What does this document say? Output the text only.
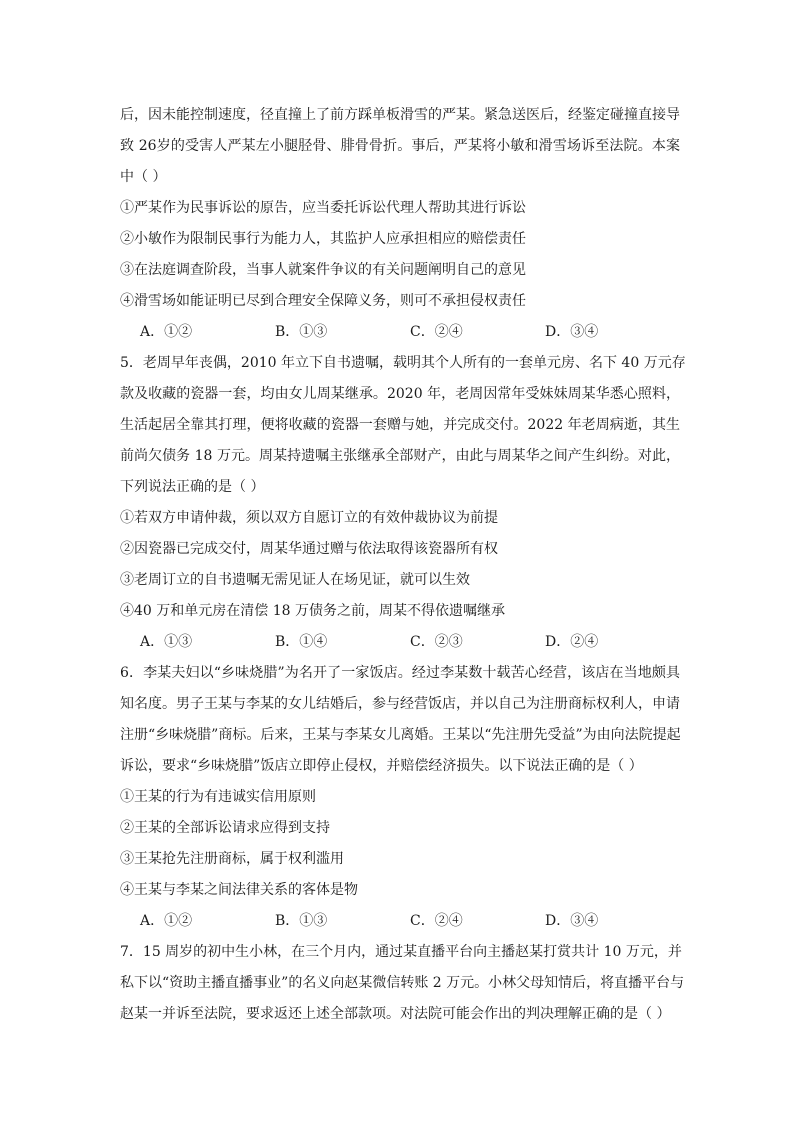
后，因未能控制速度，径直撞上了前方踩单板滑雪的严某。紧急送医后，经鉴定碰撞直接导
致 26岁的受害人严某左小腿胫骨、腓骨骨折。事后，严某将小敏和滑雪场诉至法院。本案
中（ ）
①严某作为民事诉讼的原告，应当委托诉讼代理人帮助其进行诉讼
②小敏作为限制民事行为能力人，其监护人应承担相应的赔偿责任
③在法庭调查阶段，当事人就案件争议的有关问题阐明自己的意见
④滑雪场如能证明已尽到合理安全保障义务，则可不承担侵权责任
A．①②	B．①③	C．②④	D．③④
5．老周早年丧偶，2010 年立下自书遗嘱，载明其个人所有的一套单元房、名下 40 万元存
款及收藏的瓷器一套，均由女儿周某继承。2020 年，老周因常年受妹妹周某华悉心照料，
生活起居全靠其打理，便将收藏的瓷器一套赠与她，并完成交付。2022 年老周病逝，其生
前尚欠债务 18 万元。周某持遗嘱主张继承全部财产，由此与周某华之间产生纠纷。对此，
下列说法正确的是（ ）
①若双方申请仲裁，须以双方自愿订立的有效仲裁协议为前提
②因瓷器已完成交付，周某华通过赠与依法取得该瓷器所有权
③老周订立的自书遗嘱无需见证人在场见证，就可以生效
④40 万和单元房在清偿 18 万债务之前，周某不得依遗嘱继承
A．①③	B．①④	C．②③	D．②④
6．李某夫妇以“乡味烧腊”为名开了一家饭店。经过李某数十载苦心经营，该店在当地颇具
知名度。男子王某与李某的女儿结婚后，参与经营饭店，并以自己为注册商标权利人，申请
注册“乡味烧腊”商标。后来，王某与李某女儿离婚。王某以“先注册先受益”为由向法院提起
诉讼，要求“乡味烧腊”饭店立即停止侵权，并赔偿经济损失。以下说法正确的是（ ）
①王某的行为有违诚实信用原则
②王某的全部诉讼请求应得到支持
③王某抢先注册商标，属于权利滥用
④王某与李某之间法律关系的客体是物
A．①②	B．①③	C．②④	D．③④
7．15 周岁的初中生小林，在三个月内，通过某直播平台向主播赵某打赏共计 10 万元，并
私下以“资助主播直播事业”的名义向赵某微信转账 2 万元。小林父母知情后，将直播平台与
赵某一并诉至法院，要求返还上述全部款项。对法院可能会作出的判决理解正确的是（ ）
